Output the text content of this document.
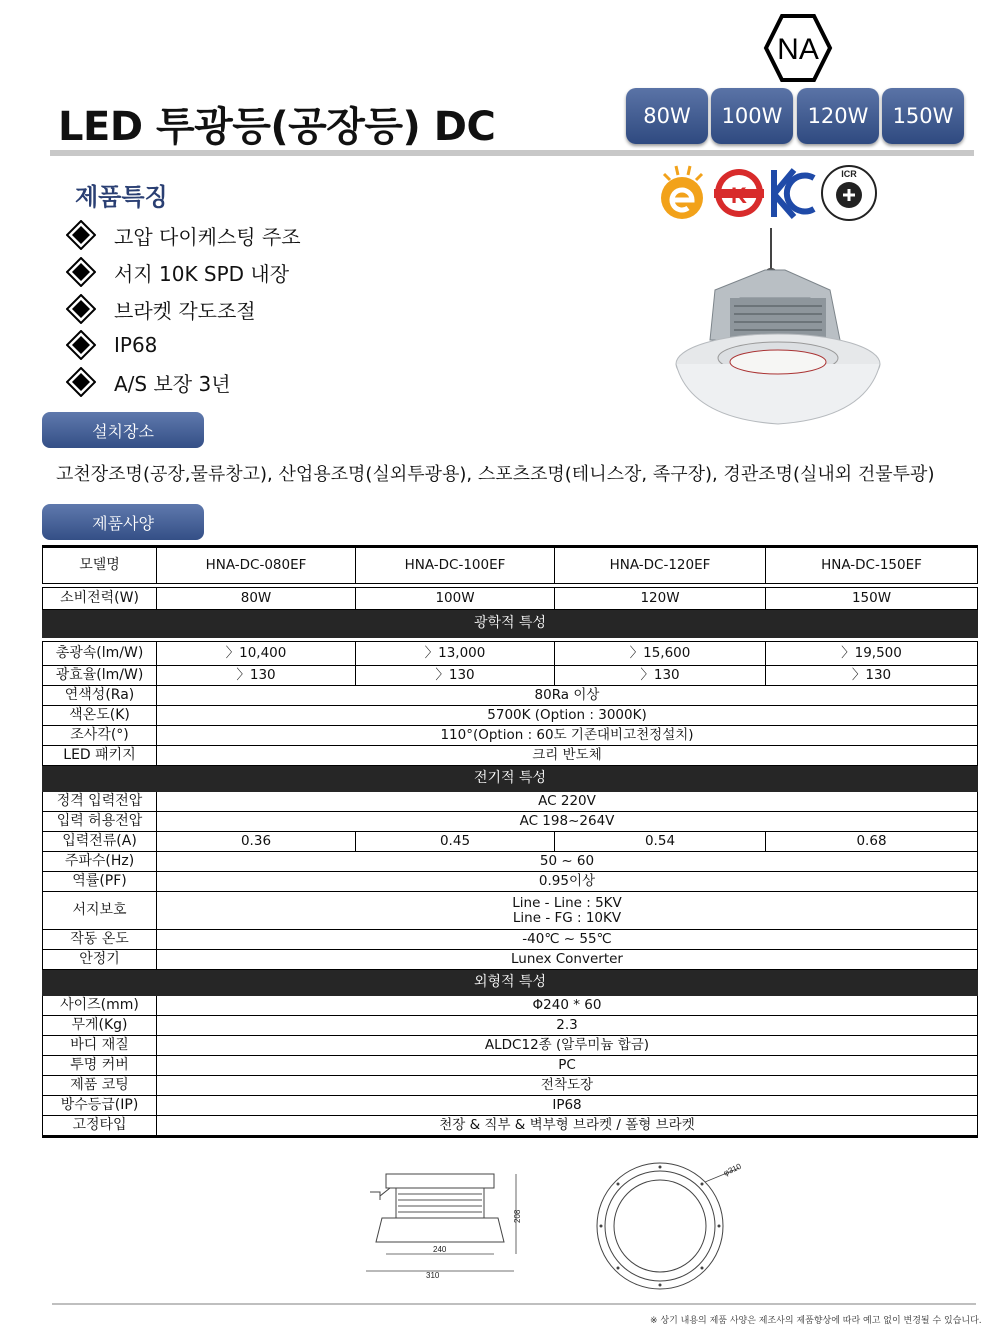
LED 투광등(공장등) DC
NA
80W	100W	120W	150W
K
ICR
제품특징
고압 다이케스팅 주조
서지 10K SPD 내장
브라켓 각도조절
IP68
A/S 보장 3년
설치장소
고천장조명(공장,물류창고), 산업용조명(실외투광용), 스포츠조명(테니스장, 족구장), 경관조명(실내외 건물투광)
제품사양
모델명	HNA-DC-080EF	HNA-DC-100EF	HNA-DC-120EF	HNA-DC-150EF

소비전력(W)	80W	100W	120W	150W
광학적 특성				

총광속(lm/W)	〉10,400	〉13,000	〉15,600	〉19,500
광효율(lm/W)	〉130	〉130	〉130	〉130
연색성(Ra)	80Ra 이상			
색온도(K)	5700K (Option : 3000K)			
조사각(°)	110°(Option : 60도 기존대비고천정설치)			
LED 패키지	크리 반도체			
전기적 특성				
정격 입력전압	AC 220V			
입력 허용전압	AC 198~264V			
입력전류(A)	0.36	0.45	0.54	0.68
주파수(Hz)	50 ~ 60			
역률(PF)	0.95이상			
서지보호	Line - Line : 5KV
Line - FG : 10KV			

작동 온도	-40℃ ~ 55℃			
안정기	Lunex Converter			
외형적 특성				
사이즈(mm)	Φ240 * 60			
무게(Kg)	2.3			
바디 재질	ALDC12종 (알루미늄 합금)			
투명 커버	PC			
제품 코팅	전착도장			
방수등급(IP)	IP68			
고정타입	천장 & 직부 & 벽부형 브라켓 / 폴형 브라켓			
240
310
208
φ310
※ 상기 내용의 제품 사양은 제조사의 제품향상에 따라 예고 없이 변경될 수 있습니다.
